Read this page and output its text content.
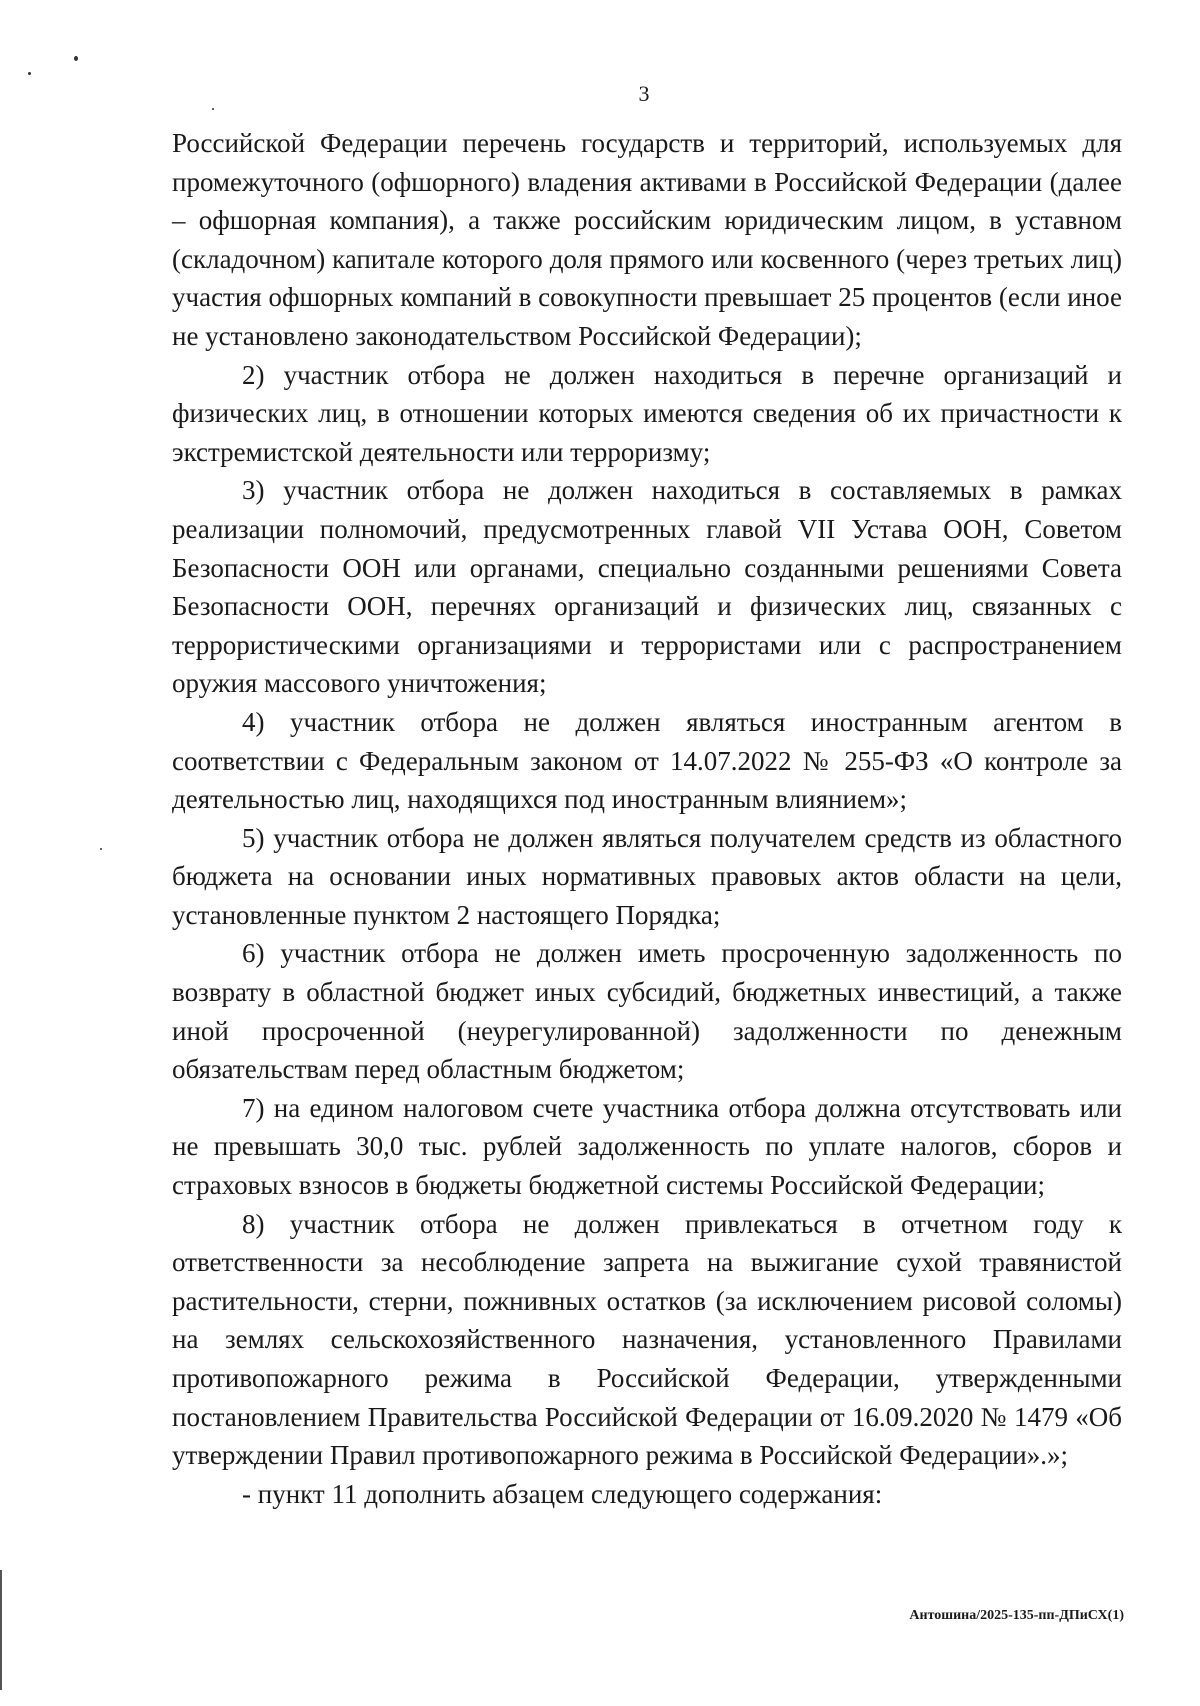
3

Российской Федерации перечень государств и территорий, используемых для промежуточного (офшорного) владения активами в Российской Федерации (далее – офшорная компания), а также российским юридическим лицом, в уставном (складочном) капитале которого доля прямого или косвенного (через третьих лиц) участия офшорных компаний в совокупности превышает 25 процентов (если иное не установлено законодательством Российской Федерации);

2) участник отбора не должен находиться в перечне организаций и физических лиц, в отношении которых имеются сведения об их причастности к экстремистской деятельности или терроризму;

3) участник отбора не должен находиться в составляемых в рамках реализации полномочий, предусмотренных главой VII Устава ООН, Советом Безопасности ООН или органами, специально созданными решениями Совета Безопасности ООН, перечнях организаций и физических лиц, связанных с террористическими организациями и террористами или с распространением оружия массового уничтожения;

4) участник отбора не должен являться иностранным агентом в соответствии с Федеральным законом от 14.07.2022 № 255-ФЗ «О контроле за деятельностью лиц, находящихся под иностранным влиянием»;

5) участник отбора не должен являться получателем средств из областного бюджета на основании иных нормативных правовых актов области на цели, установленные пунктом 2 настоящего Порядка;

6) участник отбора не должен иметь просроченную задолженность по возврату в областной бюджет иных субсидий, бюджетных инвестиций, а также иной просроченной (неурегулированной) задолженности по денежным обязательствам перед областным бюджетом;

7) на едином налоговом счете участника отбора должна отсутствовать или не превышать 30,0 тыс. рублей задолженность по уплате налогов, сборов и страховых взносов в бюджеты бюджетной системы Российской Федерации;

8) участник отбора не должен привлекаться в отчетном году к ответственности за несоблюдение запрета на выжигание сухой травянистой растительности, стерни, пожнивных остатков (за исключением рисовой соломы) на землях сельскохозяйственного назначения, установленного Правилами противопожарного режима в Российской Федерации, утвержденными постановлением Правительства Российской Федерации от 16.09.2020 № 1479 «Об утверждении Правил противопожарного режима в Российской Федерации».»;

- пункт 11 дополнить абзацем следующего содержания:

Антошина/2025-135-пп-ДПиСХ(1)
